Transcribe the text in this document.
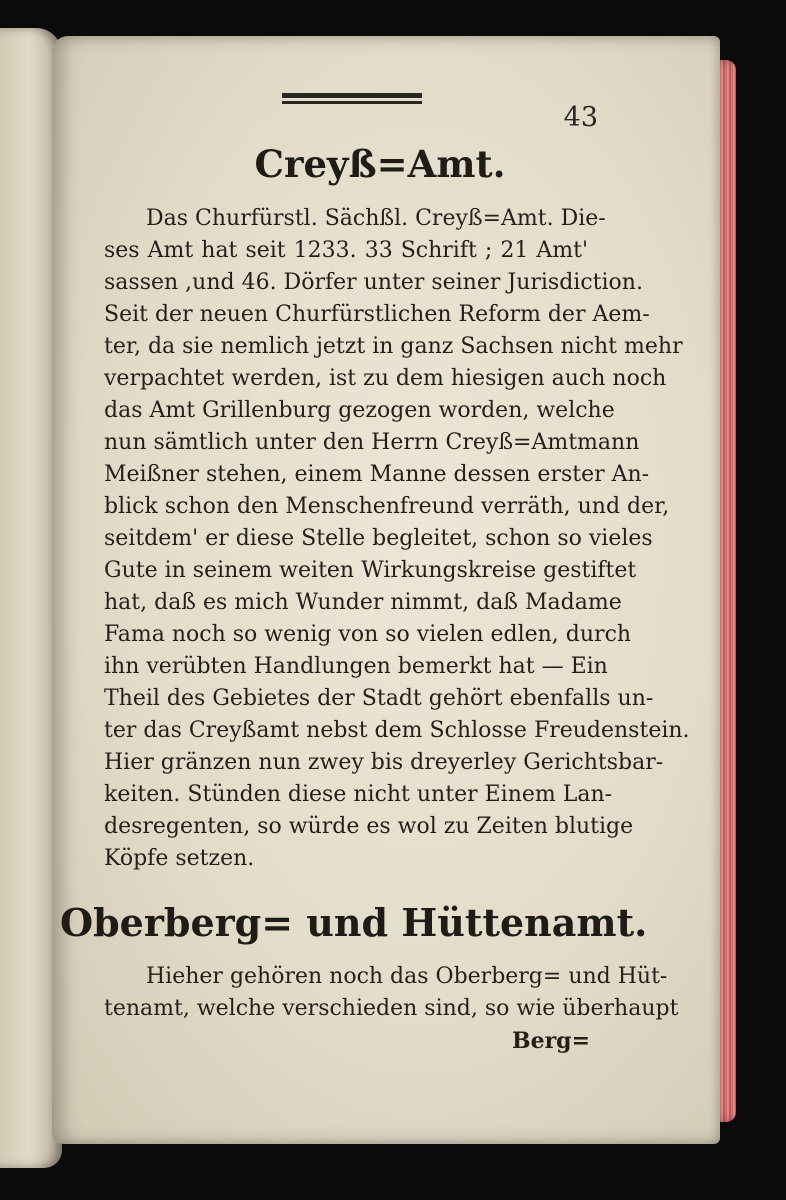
43
Creyß=Amt.
Das Churfürstl. Sächßl. Creyß=Amt. Die-
ses Amt hat seit 1233. 33 Schrift ; 21 Amt'
sassen ,und 46. Dörfer unter seiner Jurisdiction.
Seit der neuen Churfürstlichen Reform der Aem-
ter, da sie nemlich jetzt in ganz Sachsen nicht mehr
verpachtet werden, ist zu dem hiesigen auch noch
das Amt Grillenburg gezogen worden, welche
nun sämtlich unter den Herrn Creyß=Amtmann
Meißner stehen, einem Manne dessen erster An-
blick schon den Menschenfreund verräth, und der,
seitdem' er diese Stelle begleitet, schon so vieles
Gute in seinem weiten Wirkungskreise gestiftet
hat, daß es mich Wunder nimmt, daß Madame
Fama noch so wenig von so vielen edlen, durch
ihn verübten Handlungen bemerkt hat — Ein
Theil des Gebietes der Stadt gehört ebenfalls un-
ter das Creyßamt nebst dem Schlosse Freudenstein.
Hier gränzen nun zwey bis dreyerley Gerichtsbar-
keiten. Stünden diese nicht unter Einem Lan-
desregenten, so würde es wol zu Zeiten blutige
Köpfe setzen.
Oberberg= und Hüttenamt.
Hieher gehören noch das Oberberg= und Hüt-
tenamt, welche verschieden sind, so wie überhaupt
Berg=
